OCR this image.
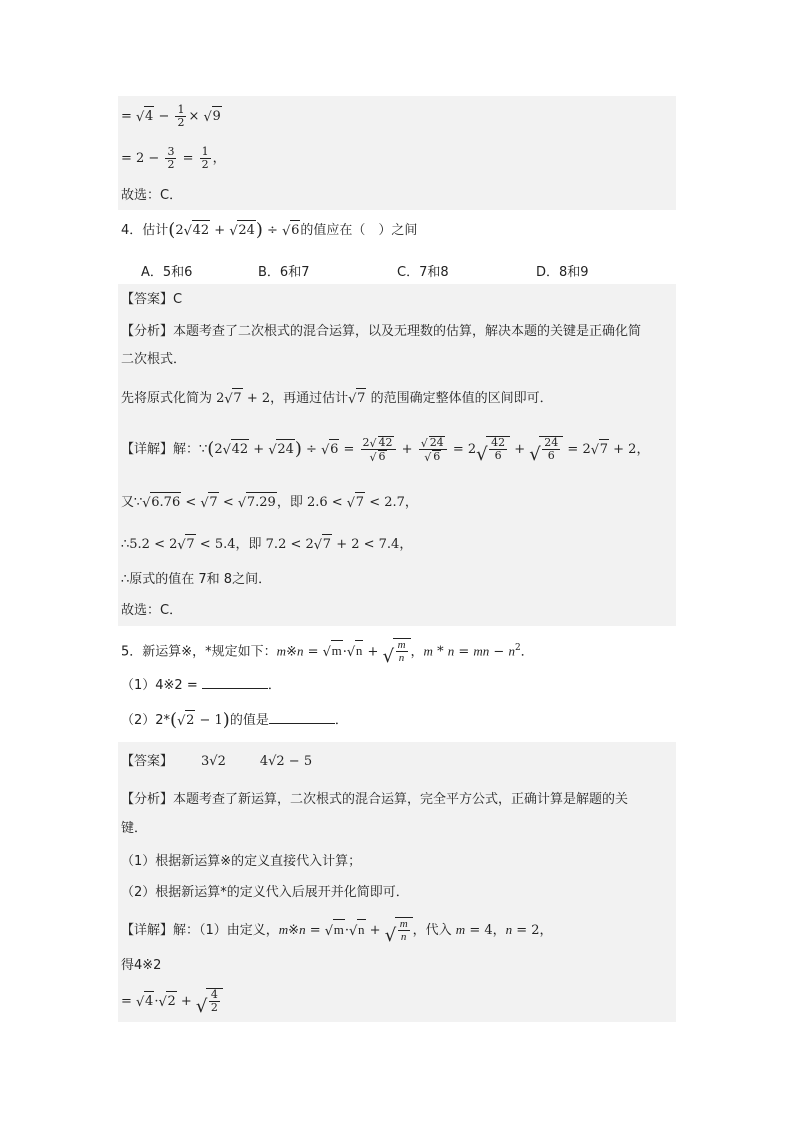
= √ $4 - \frac{1}{2}$ × √ 9
= $2 - \frac{3}{2} = \frac{1}{2}$ ，
故选：C．
4．估计(2√ 42 + √ 24) ÷ √ 6的值应在（　）之间
A．5和6	B．6和7	C．7和8	D．8和9
【答案】C
【分析】本题考查了二次根式的混合运算，以及无理数的估算，解决本题的关键是正确化简
二次根式．
先将原式化简为 2√ 7 + 2，再通过估计√ 7 的范围确定整体值的区间即可．
【详解】解：∵(2√ 42 + √ 24) ÷ √ 6 = 2√ 42
√ 6 +
√ 24
√ 6 = 2
√ $\frac{42}{6}$ +
√ $\frac{24}{6} = 2√$ 7 + 2，
又∵√ 6.76 < √ 7 < √ 7.29，即 2.6 < √ 7 < 2.7，
∴5.2 < 2√ 7 < 5.4，即 7.2 < 2√ 7 + 2 < 7.4，
∴原式的值在 7和 8之间．
故选：C．
5．新运算※，*规定如下：m※n = √ m·√ n +
√ $\frac{m}{n}$ ，m * n = mn − $n^2$．
（1）4※2 =	．
（2）2*(√ 2 − 1)的值是	．
【答案】 3√2	4√2 − 5
【分析】本题考查了新运算，二次根式的混合运算，完全平方公式，正确计算是解题的关
键．
（1）根据新运算※的定义直接代入计算；
（2）根据新运算*的定义代入后展开并化简即可．
【详解】解：（1）由定义，m※n = √ m·√ n +
√ $\frac{m}{n}$ ，代入 m = 4，n = 2，
得4※2
= √ 4·√ 2 +
√ $\frac{4}{2}$
